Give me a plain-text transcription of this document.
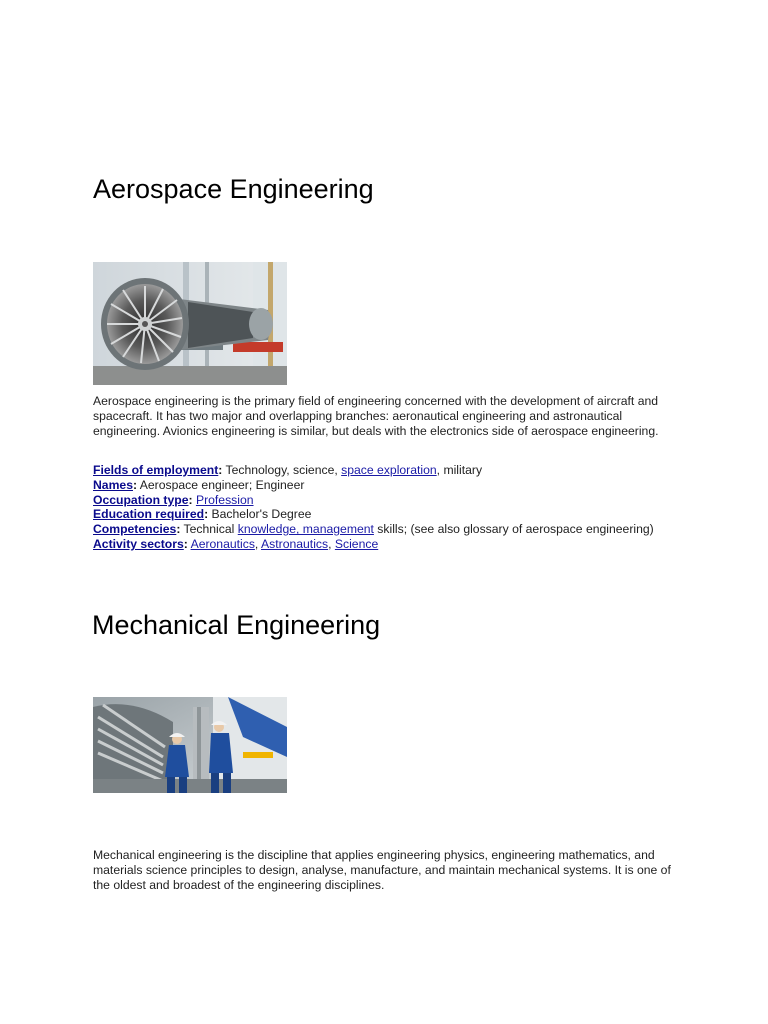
Aerospace Engineering

Aerospace engineering is the primary field of engineering concerned with the development of aircraft and spacecraft. It has two major and overlapping branches: aeronautical engineering and astronautical engineering. Avionics engineering is similar, but deals with the electronics side of aerospace engineering.

Fields of employment: Technology, science, space exploration, military
Names: Aerospace engineer; Engineer
Occupation type: Profession
Education required: Bachelor's Degree
Competencies: Technical knowledge, management skills; (see also glossary of aerospace engineering)
Activity sectors: Aeronautics, Astronautics, Science
Mechanical Engineering

Mechanical engineering is the discipline that applies engineering physics, engineering mathematics, and materials science principles to design, analyse, manufacture, and maintain mechanical systems. It is one of the oldest and broadest of the engineering disciplines.
